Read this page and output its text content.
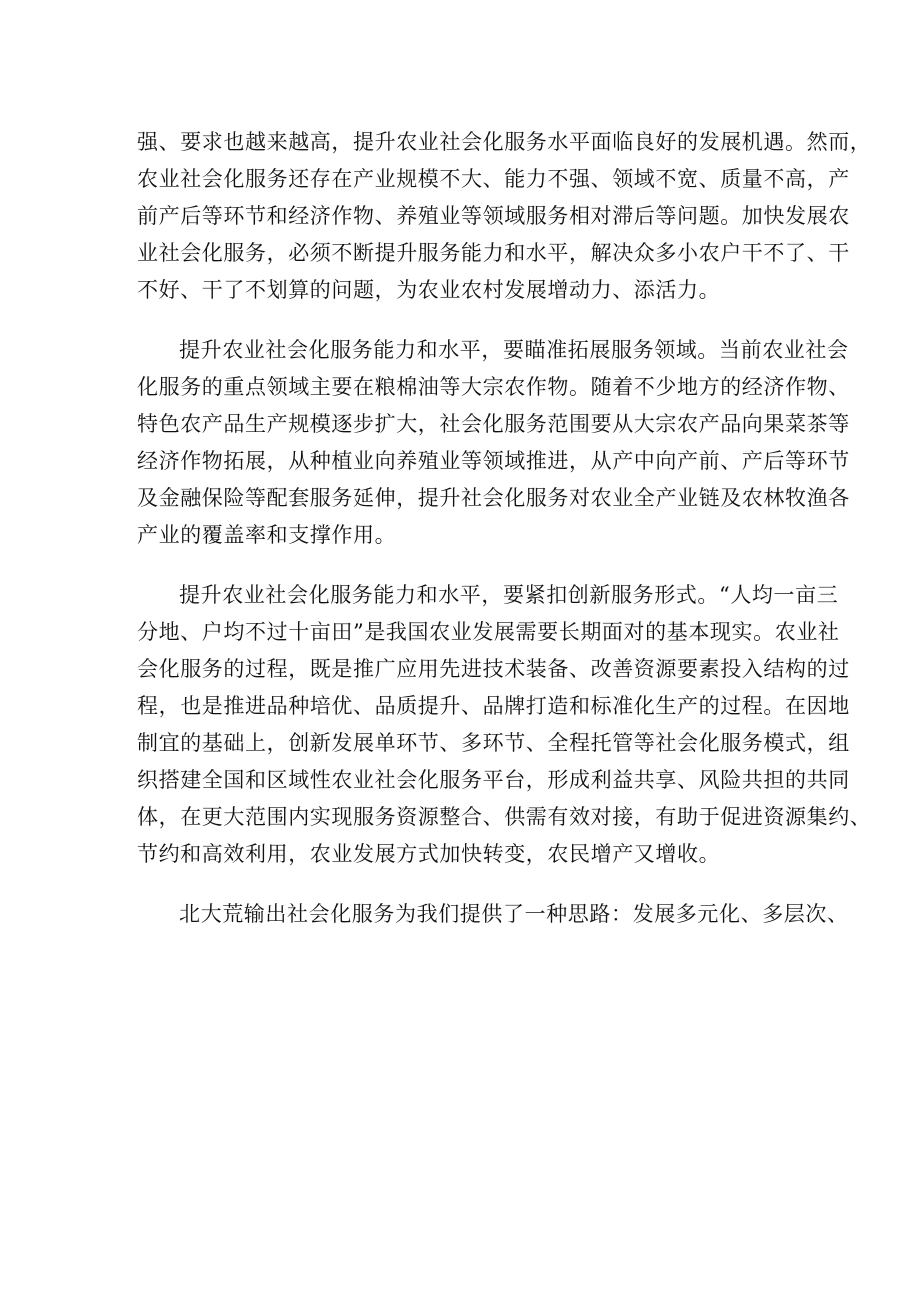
强、要求也越来越高，提升农业社会化服务水平面临良好的发展机遇。然而，
农业社会化服务还存在产业规模不大、能力不强、领域不宽、质量不高，产
前产后等环节和经济作物、养殖业等领域服务相对滞后等问题。加快发展农
业社会化服务，必须不断提升服务能力和水平，解决众多小农户干不了、干
不好、干了不划算的问题，为农业农村发展增动力、添活力。
提升农业社会化服务能力和水平，要瞄准拓展服务领域。当前农业社会
化服务的重点领域主要在粮棉油等大宗农作物。随着不少地方的经济作物、
特色农产品生产规模逐步扩大，社会化服务范围要从大宗农产品向果菜茶等
经济作物拓展，从种植业向养殖业等领域推进，从产中向产前、产后等环节
及金融保险等配套服务延伸，提升社会化服务对农业全产业链及农林牧渔各
产业的覆盖率和支撑作用。
提升农业社会化服务能力和水平，要紧扣创新服务形式。“人均一亩三
分地、户均不过十亩田”是我国农业发展需要长期面对的基本现实。农业社
会化服务的过程，既是推广应用先进技术装备、改善资源要素投入结构的过
程，也是推进品种培优、品质提升、品牌打造和标准化生产的过程。在因地
制宜的基础上，创新发展单环节、多环节、全程托管等社会化服务模式，组
织搭建全国和区域性农业社会化服务平台，形成利益共享、风险共担的共同
体，在更大范围内实现服务资源整合、供需有效对接，有助于促进资源集约、
节约和高效利用，农业发展方式加快转变，农民增产又增收。
北大荒输出社会化服务为我们提供了一种思路：发展多元化、多层次、
